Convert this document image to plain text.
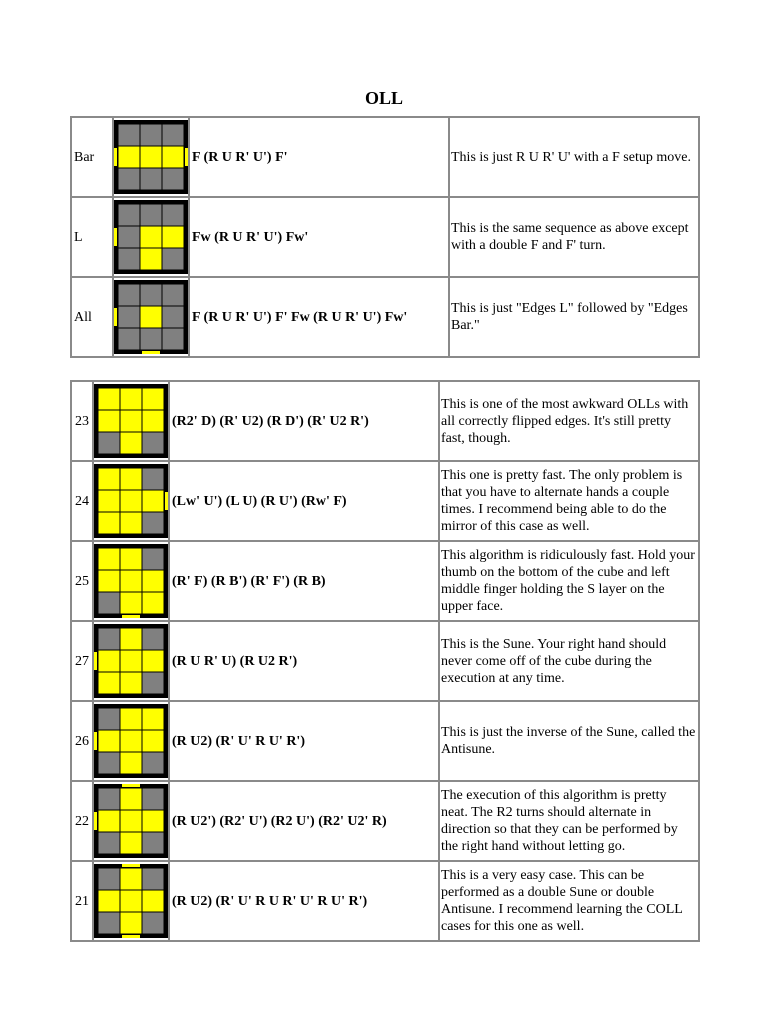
OLL
Bar		F (R U R' U') F'	This is just R U R' U' with a F setup move.
L		Fw (R U R' U') Fw'	This is the same sequence as above except with a double F and F' turn.
All		F (R U R' U') F' Fw (R U R' U') Fw'	This is just "Edges L" followed by "Edges Bar."
23		(R2' D) (R' U2) (R D') (R' U2 R')	This is one of the most awkward OLLs with all correctly flipped edges. It's still pretty fast, though.
24		(Lw' U') (L U) (R U') (Rw' F)	This one is pretty fast. The only problem is that you have to alternate hands a couple times. I recommend being able to do the mirror of this case as well.
25		(R' F) (R B') (R' F') (R B)	This algorithm is ridiculously fast. Hold your thumb on the bottom of the cube and left middle finger holding the S layer on the upper face.
27		(R U R' U) (R U2 R')	This is the Sune. Your right hand should never come off of the cube during the execution at any time.
26		(R U2) (R' U' R U' R')	This is just the inverse of the Sune, called the Antisune.
22		(R U2') (R2' U') (R2 U') (R2' U2' R)	The execution of this algorithm is pretty neat. The R2 turns should alternate in direction so that they can be performed by the right hand without letting go.
21		(R U2) (R' U' R U R' U' R U' R')	This is a very easy case. This can be performed as a double Sune or double Antisune. I recommend learning the COLL cases for this one as well.
